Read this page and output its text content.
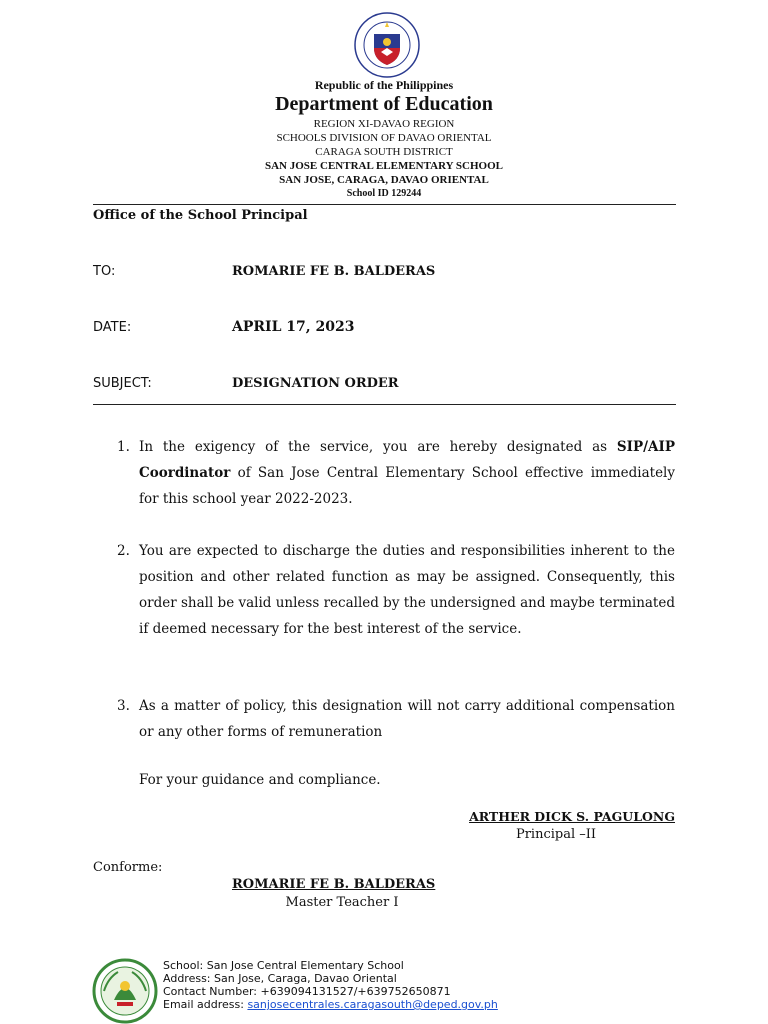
Republic of the Philippines
Department of Education
REGION XI-DAVAO REGION
SCHOOLS DIVISION OF DAVAO ORIENTAL
CARAGA SOUTH DISTRICT
SAN JOSE CENTRAL ELEMENTARY SCHOOL
SAN JOSE, CARAGA, DAVAO ORIENTAL
School ID 129244
Office of the School Principal
TO:	ROMARIE FE B. BALDERAS
DATE:	APRIL 17, 2023
SUBJECT:	DESIGNATION ORDER
1. In the exigency of the service, you are hereby designated as SIP/AIP Coordinator of San Jose Central Elementary School effective immediately for this school year 2022-2023.
2. You are expected to discharge the duties and responsibilities inherent to the position and other related function as may be assigned. Consequently, this order shall be valid unless recalled by the undersigned and maybe terminated if deemed necessary for the best interest of the service.
3. As a matter of policy, this designation will not carry additional compensation or any other forms of remuneration
For your guidance and compliance.
ARTHER DICK S. PAGULONG
Principal –II
Conforme:
ROMARIE FE B. BALDERAS
Master Teacher I
School: San Jose Central Elementary School
Address: San Jose, Caraga, Davao Oriental
Contact Number: +639094131527/+639752650871
Email address: sanjosecentrales.caragasouth@deped.gov.ph
